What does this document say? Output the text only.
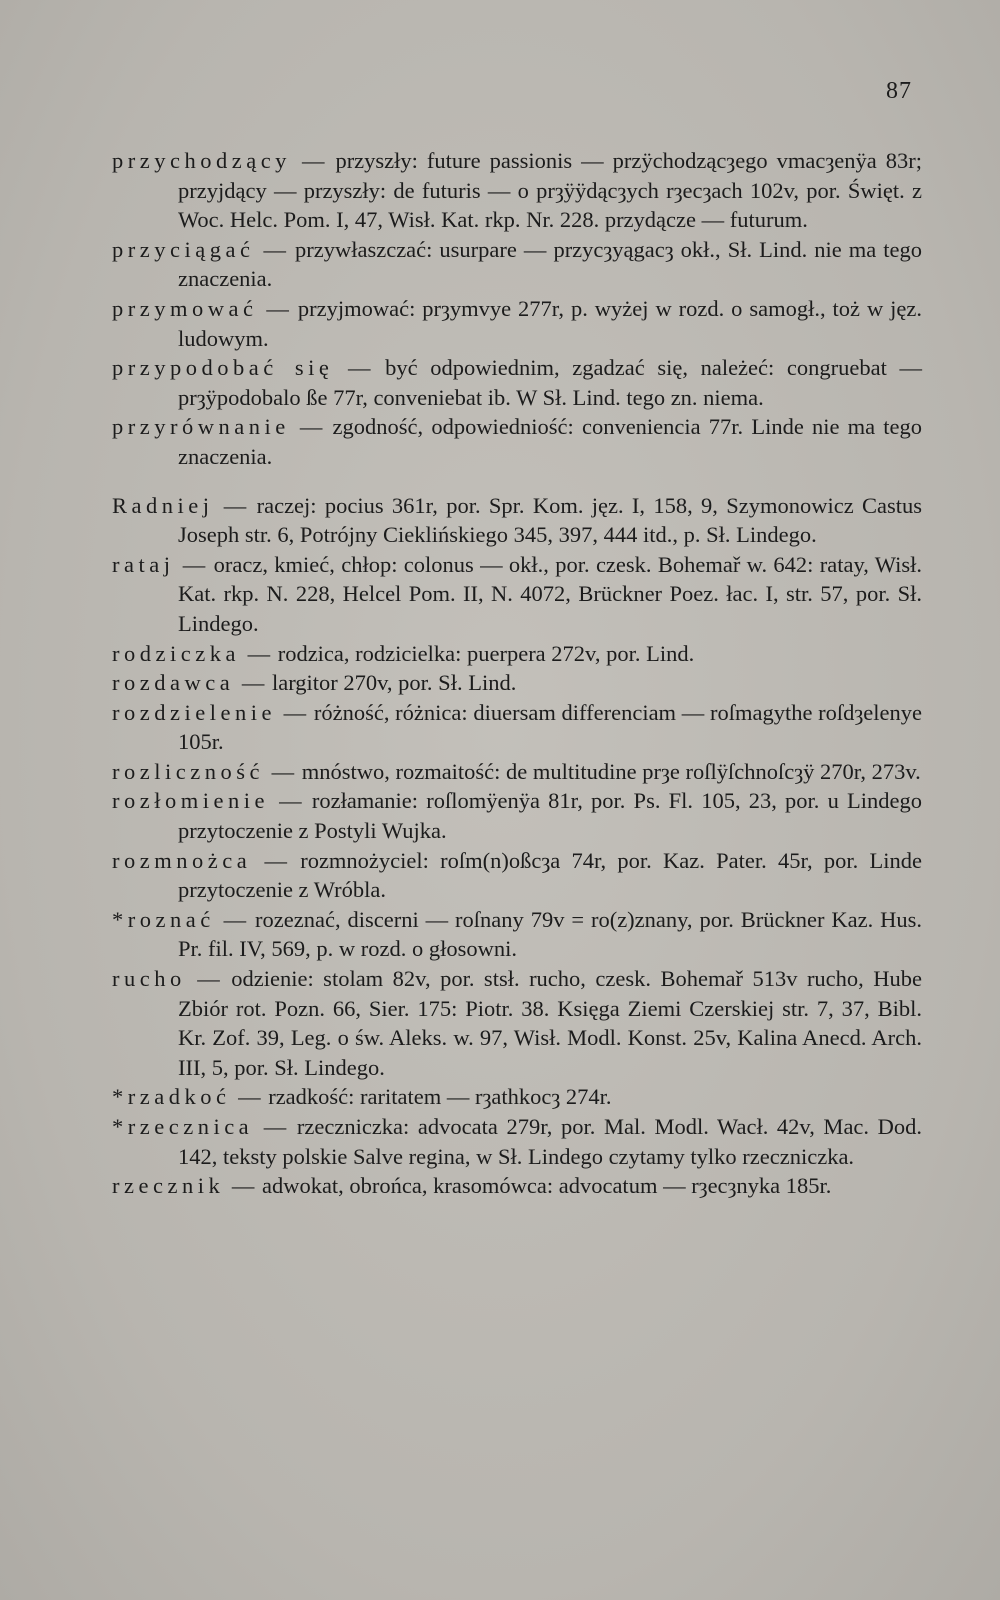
87

przychodzący — przyszły: future passionis — przÿchodzącȝego vmacȝenÿa 83r; przyjdący — przyszły: de futuris — o prȝÿÿdącȝych rȝecȝach 102v, por. Święt. z Woc. Helc. Pom. I, 47, Wisł. Kat. rkp. Nr. 228. przydącze — futurum.

przyciągać — przywłaszczać: usurpare — przycȝyągacȝ okł., Sł. Lind. nie ma tego znaczenia.

przymować — przyjmować: prȝymvye 277r, p. wyżej w rozd. o samogł., toż w jęz. ludowym.

przypodobać się — być odpowiednim, zgadzać się, należeć: congruebat — prȝÿpodobalo ße 77r, conveniebat ib. W Sł. Lind. tego zn. niema.

przyrównanie — zgodność, odpowiedniość: conveniencia 77r. Linde nie ma tego znaczenia.

Radniej — raczej: pocius 361r, por. Spr. Kom. jęz. I, 158, 9, Szymonowicz Castus Joseph str. 6, Potrójny Cieklińskiego 345, 397, 444 itd., p. Sł. Lindego.

rataj — oracz, kmieć, chłop: colonus — okł., por. czesk. Bohemař w. 642: ratay, Wisł. Kat. rkp. N. 228, Helcel Pom. II, N. 4072, Brückner Poez. łac. I, str. 57, por. Sł. Lindego.

rodziczka — rodzica, rodzicielka: puerpera 272v, por. Lind.

rozdawca — largitor 270v, por. Sł. Lind.

rozdzielenie — różność, różnica: diuersam differenciam — roſmagythe roſdȝelenye 105r.

rozliczność — mnóstwo, rozmaitość: de multitudine prȝe roſlÿſchnoſcȝÿ 270r, 273v.

rozłomienie — rozłamanie: roſlomÿenÿa 81r, por. Ps. Fl. 105, 23, por. u Lindego przytoczenie z Postyli Wujka.

rozmnożca — rozmnożyciel: roſm(n)oßcȝa 74r, por. Kaz. Pater. 45r, por. Linde przytoczenie z Wróbla.

*roznać — rozeznać, discerni — roſnany 79v = ro(z)znany, por. Brückner Kaz. Hus. Pr. fil. IV, 569, p. w rozd. o głosowni.

rucho — odzienie: stolam 82v, por. stsł. rucho, czesk. Bohemař 513v rucho, Hube Zbiór rot. Pozn. 66, Sier. 175: Piotr. 38. Księga Ziemi Czerskiej str. 7, 37, Bibl. Kr. Zof. 39, Leg. o św. Aleks. w. 97, Wisł. Modl. Konst. 25v, Kalina Anecd. Arch. III, 5, por. Sł. Lindego.

*rzadkoć — rzadkość: raritatem — rȝathkocȝ 274r.

*rzecznica — rzeczniczka: advocata 279r, por. Mal. Modl. Wacł. 42v, Mac. Dod. 142, teksty polskie Salve regina, w Sł. Lindego czytamy tylko rzeczniczka.

rzecznik — adwokat, obrońca, krasomówca: advocatum — rȝecȝnyka 185r.
